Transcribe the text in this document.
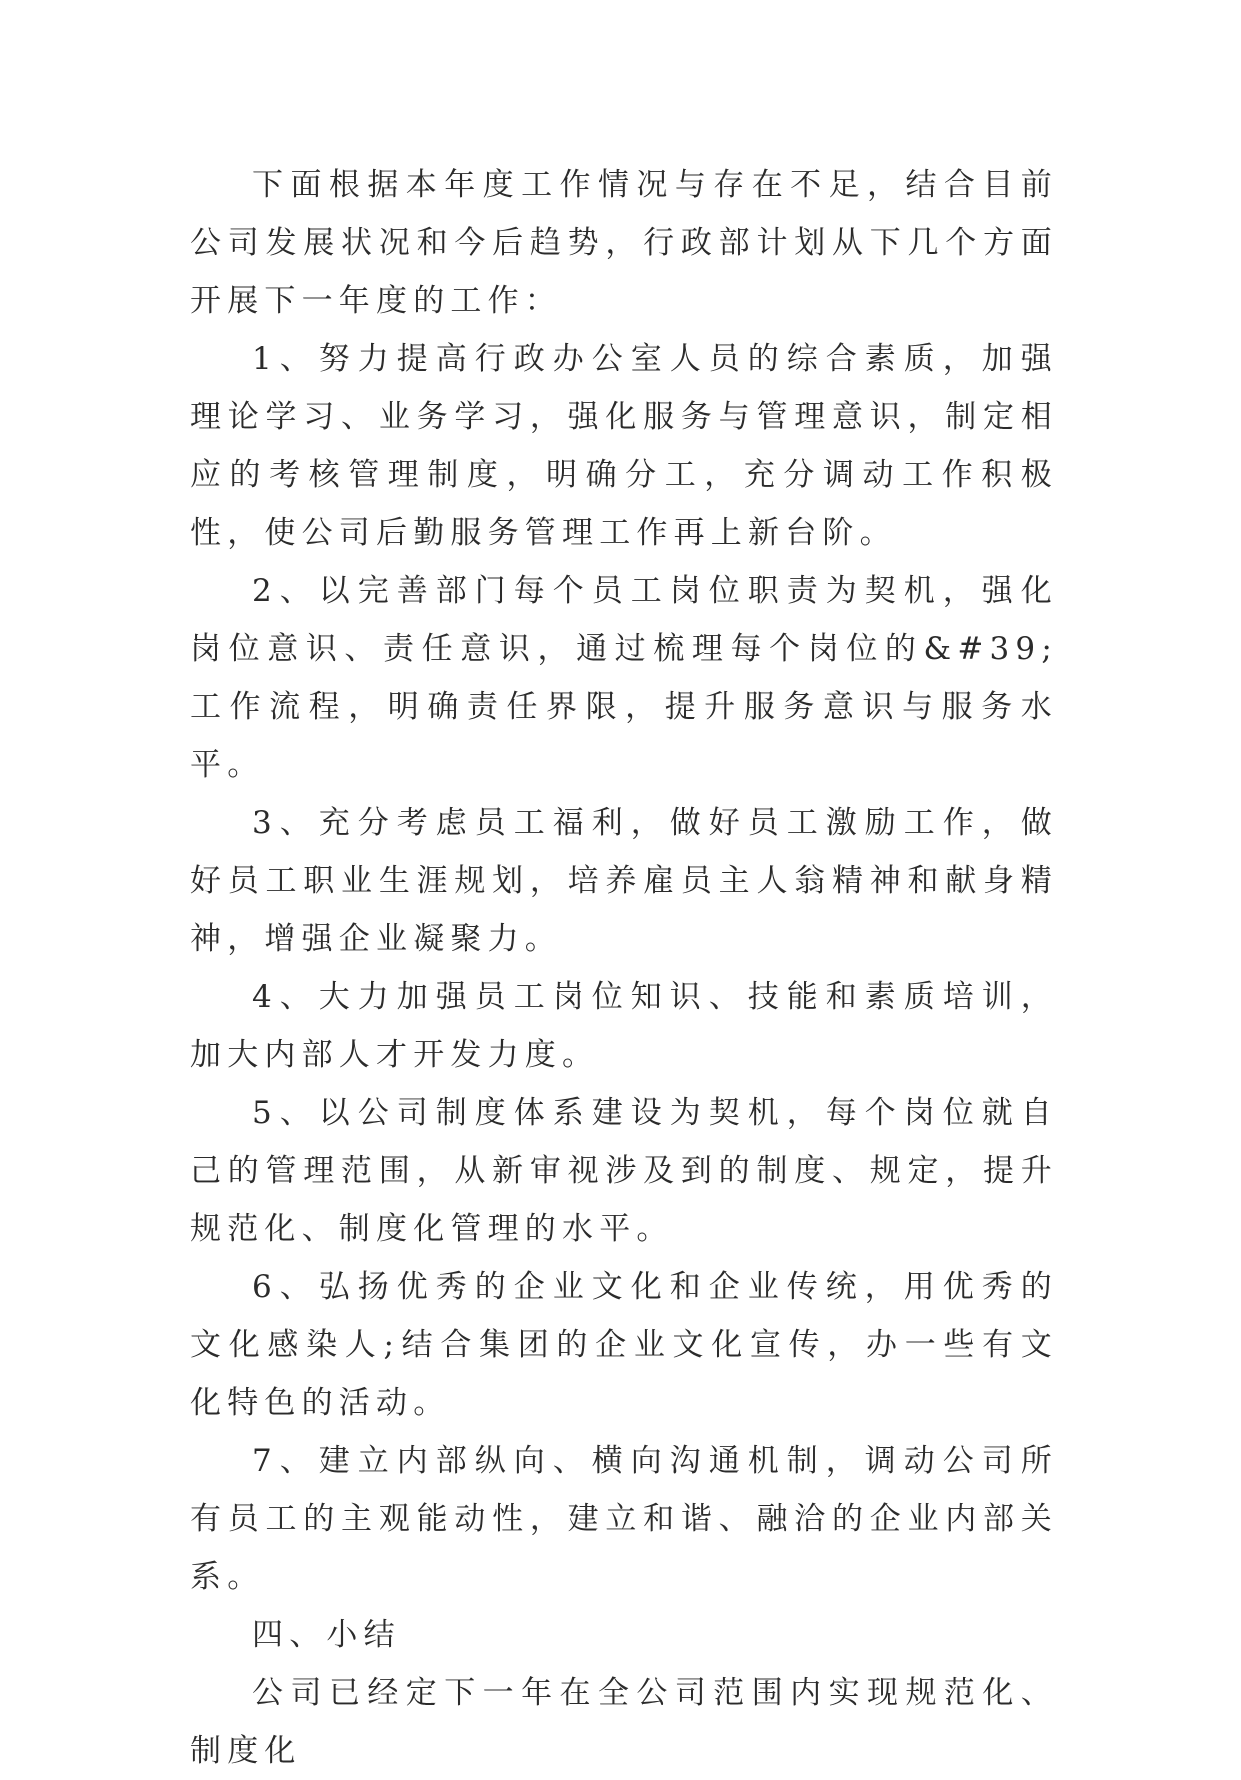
下面根据本年度工作情况与存在不足，结合目前公司发展状况和今后趋势，行政部计划从下几个方面开展下一年度的工作：

1、努力提高行政办公室人员的综合素质，加强理论学习、业务学习，强化服务与管理意识，制定相应的考核管理制度，明确分工，充分调动工作积极性，使公司后勤服务管理工作再上新台阶。

2、以完善部门每个员工岗位职责为契机，强化岗位意识、责任意识，通过梳理每个岗位的&#39;工作流程，明确责任界限，提升服务意识与服务水平。

3、充分考虑员工福利，做好员工激励工作，做好员工职业生涯规划，培养雇员主人翁精神和献身精神，增强企业凝聚力。

4、大力加强员工岗位知识、技能和素质培训，加大内部人才开发力度。

5、以公司制度体系建设为契机，每个岗位就自己的管理范围，从新审视涉及到的制度、规定，提升规范化、制度化管理的水平。

6、弘扬优秀的企业文化和企业传统，用优秀的文化感染人;结合集团的企业文化宣传，办一些有文化特色的活动。

7、建立内部纵向、横向沟通机制，调动公司所有员工的主观能动性，建立和谐、融洽的企业内部关系。

四、小结

公司已经定下一年在全公司范围内实现规范化、制度化
